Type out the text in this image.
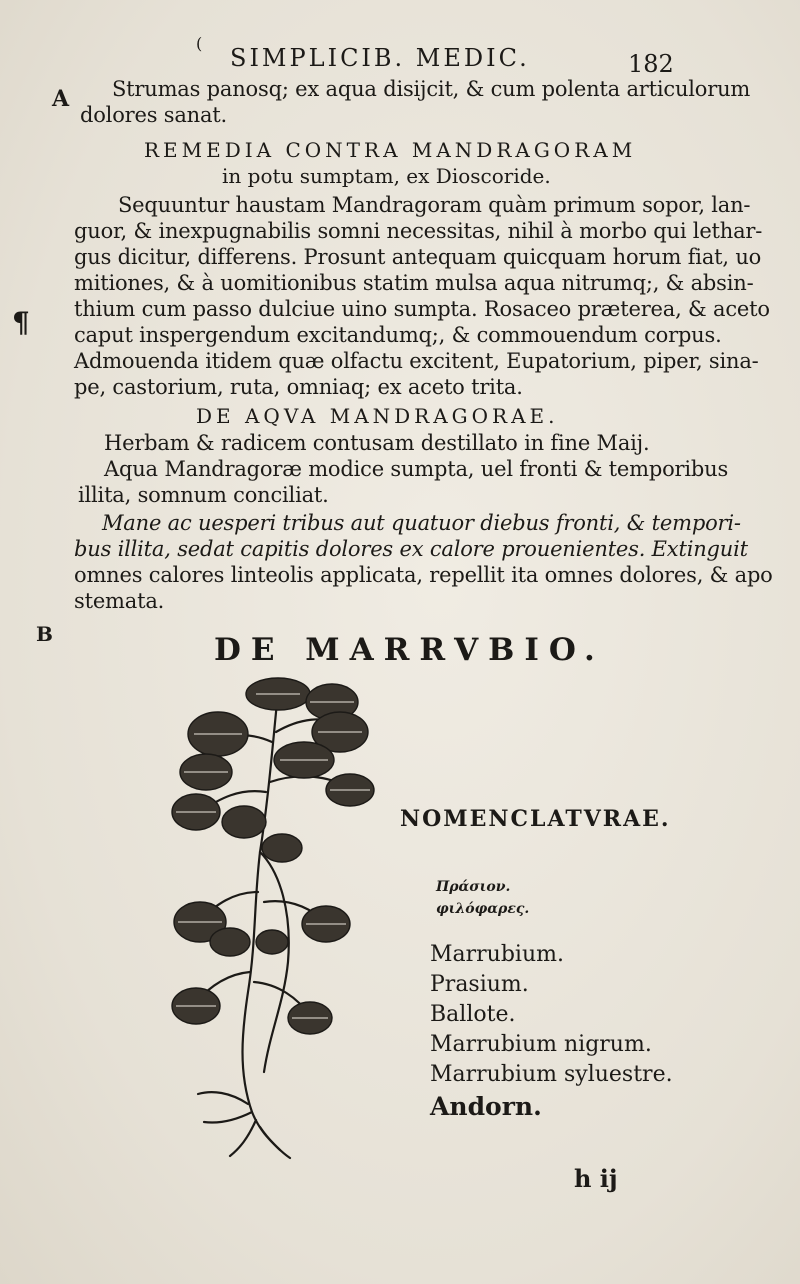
(
SIMPLICIB. MEDIC.	182
A
¶
B
Strumas panosq; ex aqua disijcit, & cum polenta articulorum
dolores sanat.
REMEDIA CONTRA MANDRAGORAM
in potu sumptam, ex Dioscoride.
Sequuntur haustam Mandragoram quàm primum sopor, lan-
guor, & inexpugnabilis somni necessitas, nihil à morbo qui lethar-
gus dicitur, differens. Prosunt antequam quicquam horum fiat, uo
mitiones, & à uomitionibus statim mulsa aqua nitrumq;, & absin-
thium cum passo dulciue uino sumpta. Rosaceo præterea, & aceto
caput inspergendum excitandumq;, & commouendum corpus.
Admouenda itidem quæ olfactu excitent, Eupatorium, piper, sina-
pe, castorium, ruta, omniaq; ex aceto trita.
DE AQVA MANDRAGORAE.
Herbam & radicem contusam destillato in fine Maij.
Aqua Mandragoræ modice sumpta, uel fronti & temporibus
illita, somnum conciliat.
Mane ac uesperi tribus aut quatuor diebus fronti, & tempori-
bus illita, sedat capitis dolores ex calore prouenientes. Extinguit
omnes calores linteolis applicata, repellit ita omnes dolores, & apo
stemata.
DE MARRVBIO.
NOMENCLATVRAE.
Πράσιον.
φιλόφαρες.
Marrubium.
Prasium.
Ballote.
Marrubium nigrum.
Marrubium syluestre.
Andorn.
h ij
